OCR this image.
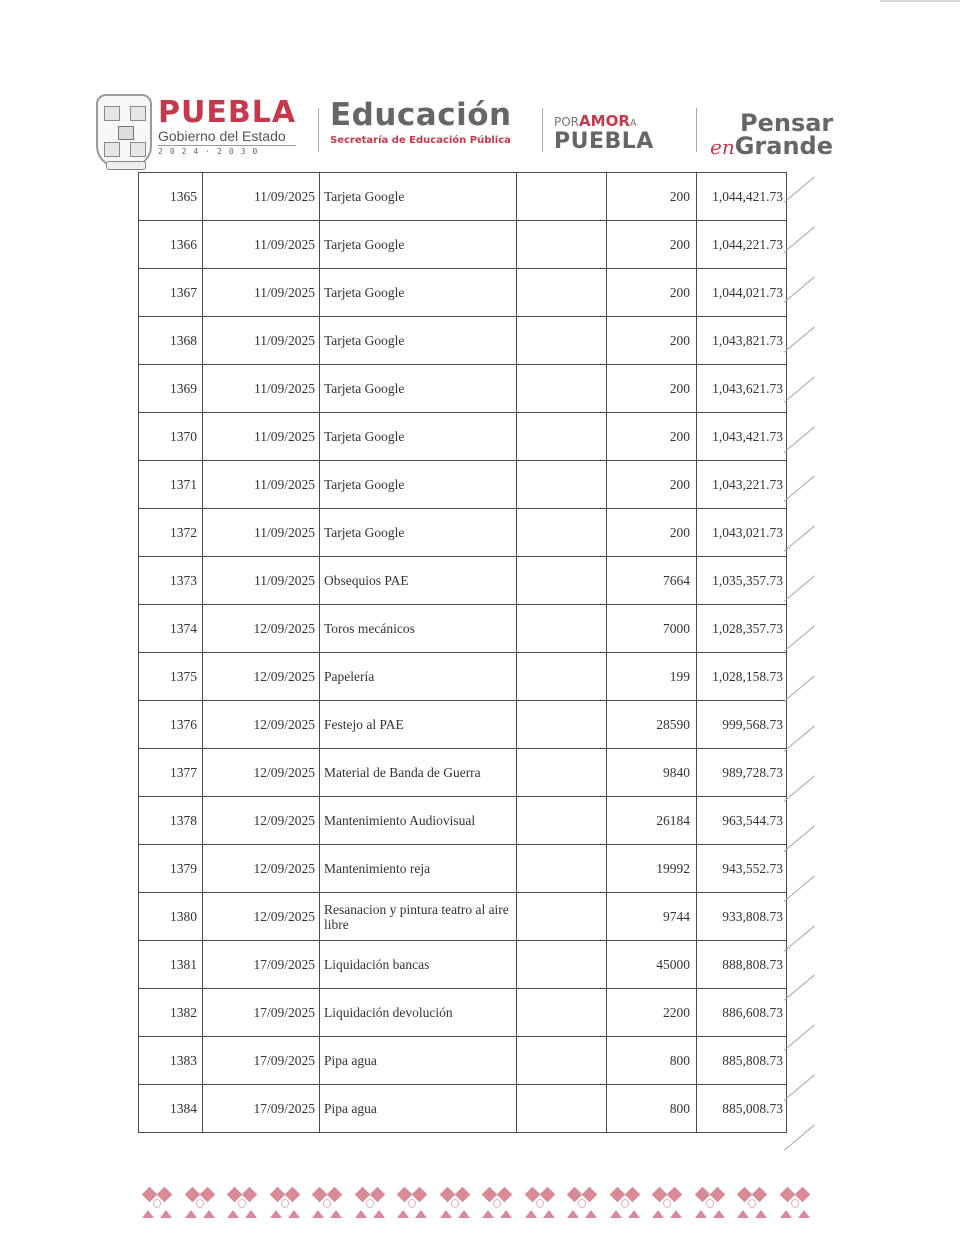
PUEBLA
Gobierno del Estado
2024·2030
Educación
Secretaría de Educación Pública
PORAMORA
PUEBLA
Pensar
enGrande
1365	11/09/2025	Tarjeta Google		200	1,044,421.73
1366	11/09/2025	Tarjeta Google		200	1,044,221.73
1367	11/09/2025	Tarjeta Google		200	1,044,021.73
1368	11/09/2025	Tarjeta Google		200	1,043,821.73
1369	11/09/2025	Tarjeta Google		200	1,043,621.73
1370	11/09/2025	Tarjeta Google		200	1,043,421.73
1371	11/09/2025	Tarjeta Google		200	1,043,221.73
1372	11/09/2025	Tarjeta Google		200	1,043,021.73
1373	11/09/2025	Obsequios PAE		7664	1,035,357.73
1374	12/09/2025	Toros mecánicos		7000	1,028,357.73
1375	12/09/2025	Papelería		199	1,028,158.73
1376	12/09/2025	Festejo al PAE		28590	999,568.73
1377	12/09/2025	Material de Banda de Guerra		9840	989,728.73
1378	12/09/2025	Mantenimiento Audiovisual		26184	963,544.73
1379	12/09/2025	Mantenimiento reja		19992	943,552.73
1380	12/09/2025	Resanacion y pintura teatro al aire libre		9744	933,808.73
1381	17/09/2025	Liquidación bancas		45000	888,808.73
1382	17/09/2025	Liquidación devolución		2200	886,608.73
1383	17/09/2025	Pipa agua		800	885,808.73
1384	17/09/2025	Pipa agua		800	885,008.73
